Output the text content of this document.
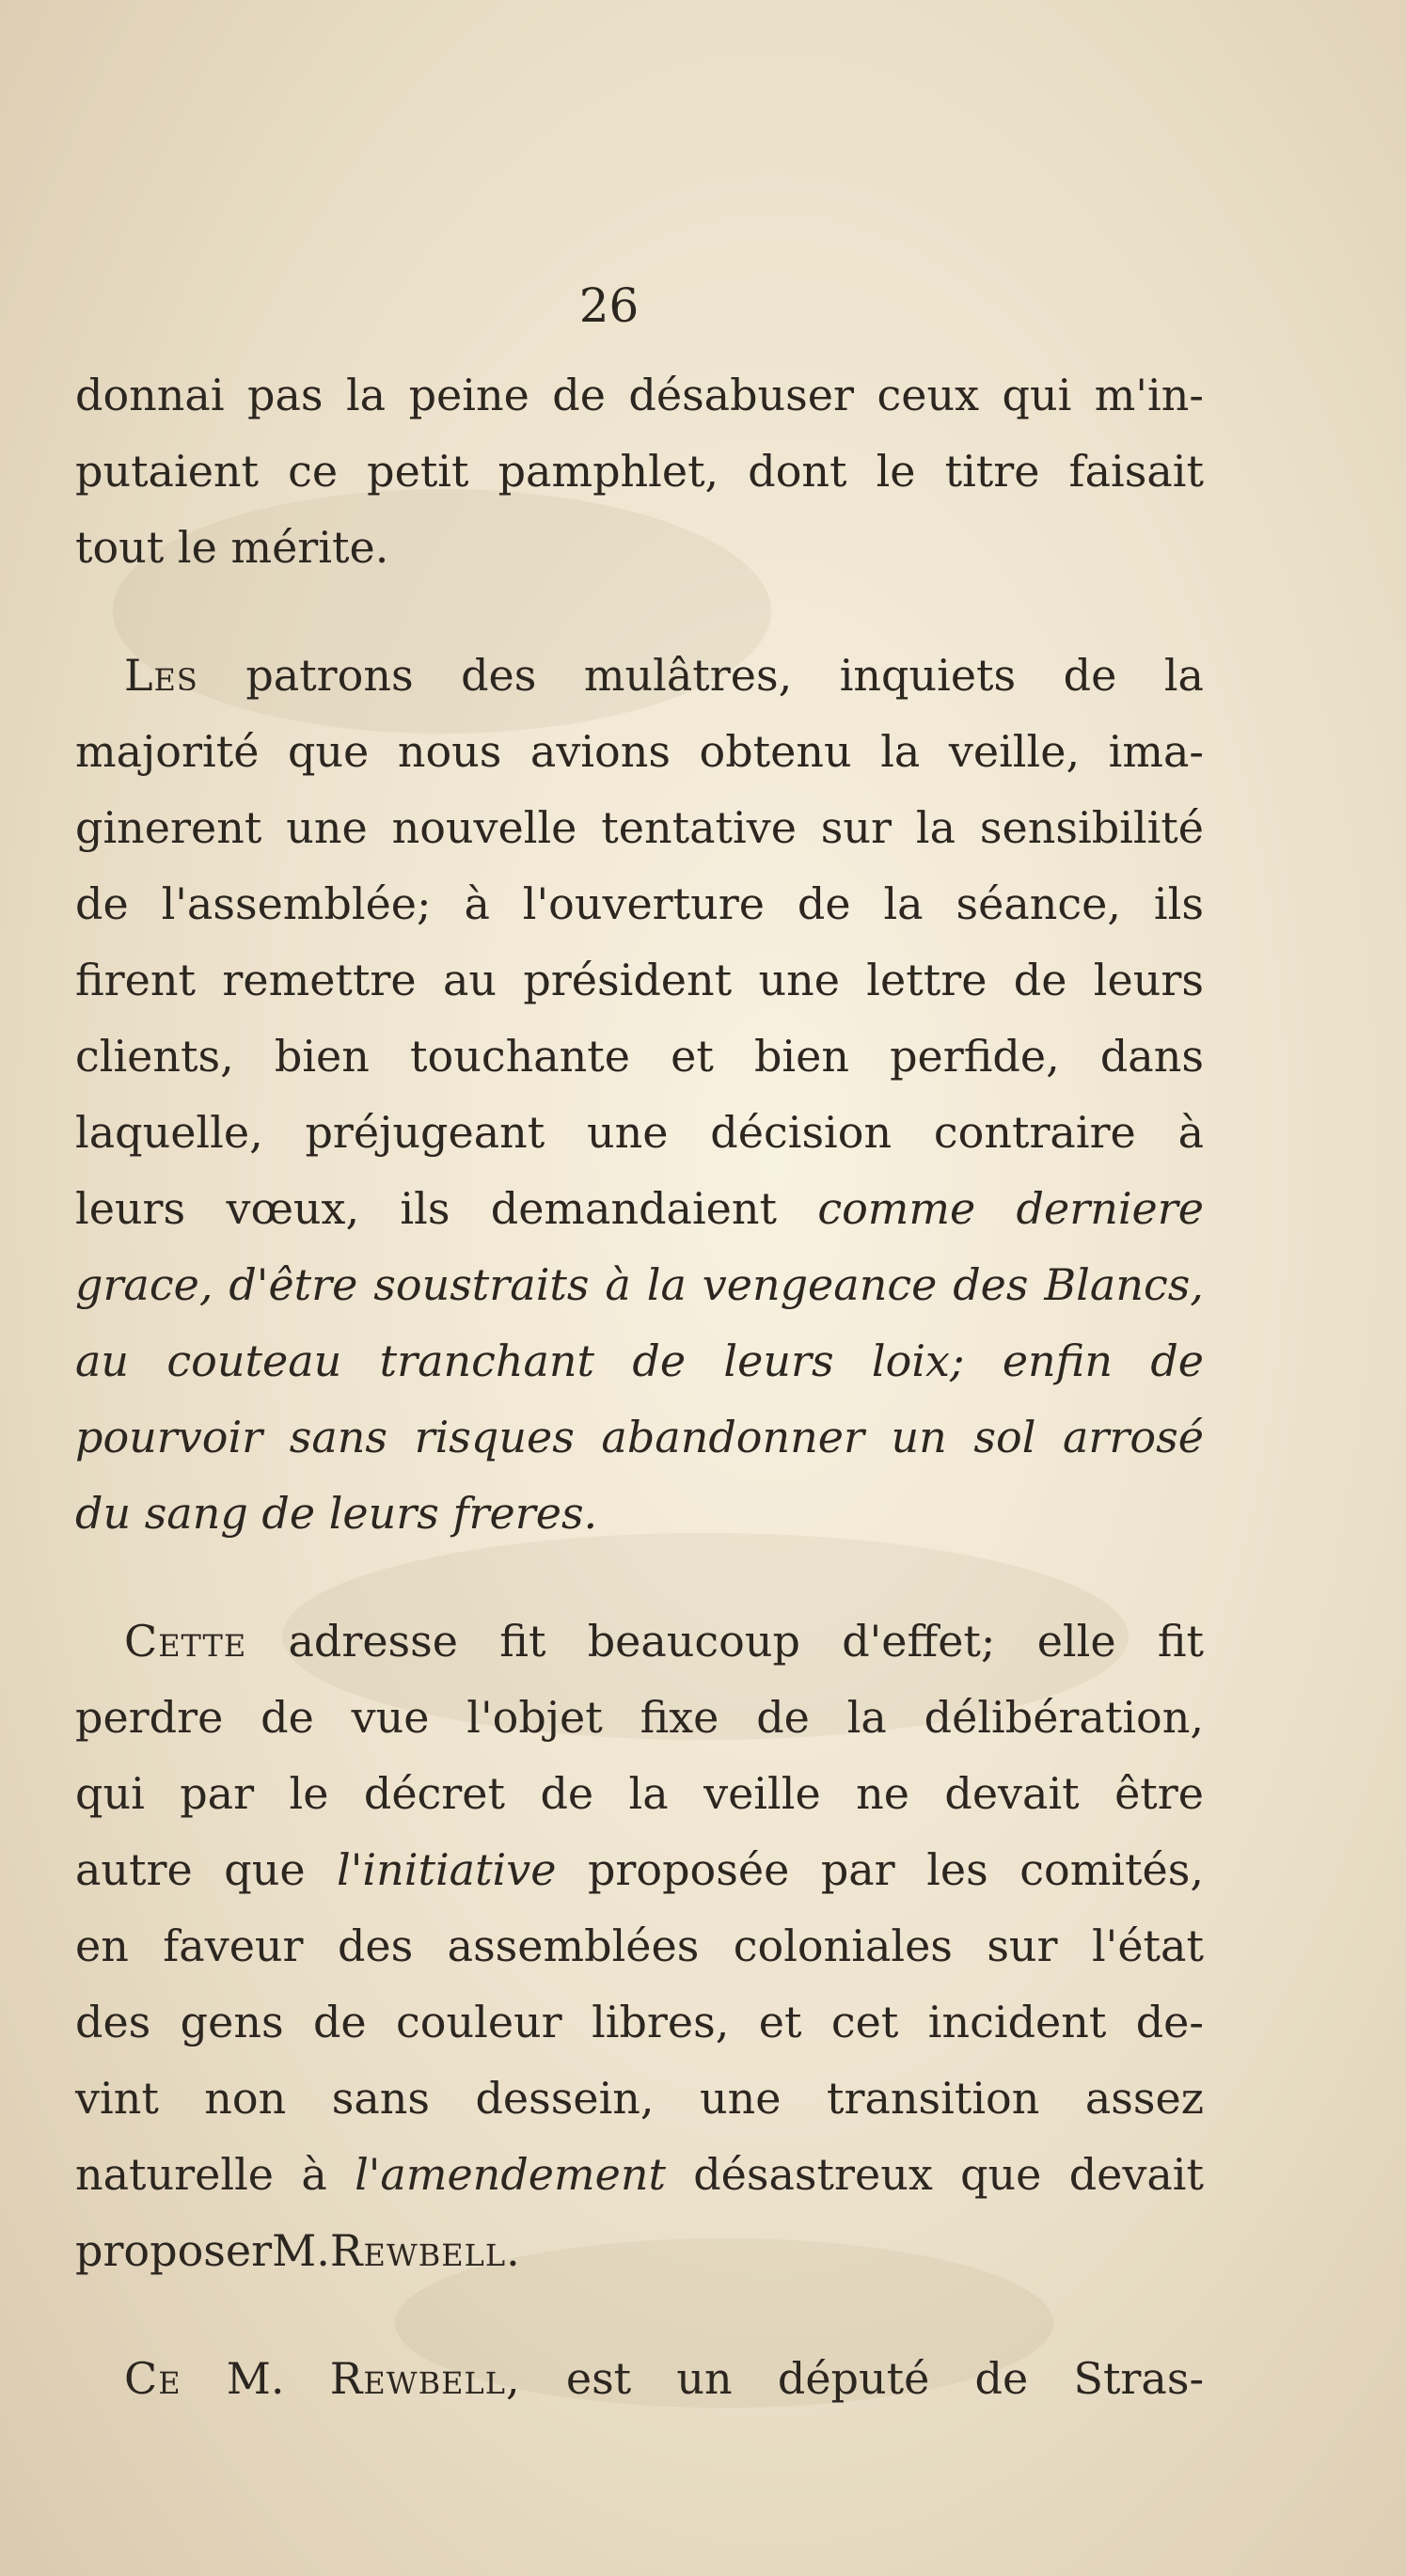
26
donnai pas la peine de désabuser ceux qui m'in-
putaient ce petit pamphlet, dont le titre faisait
tout le mérite.
Les patrons des mulâtres, inquiets de la
majorité que nous avions obtenu la veille, ima-
ginerent une nouvelle tentative sur la sensibilité
de l'assemblée; à l'ouverture de la séance, ils
firent remettre au président une lettre de leurs
clients, bien touchante et bien perfide, dans
laquelle, préjugeant une décision contraire à
leurs vœux, ils demandaient comme derniere
grace, d'être soustraits à la vengeance des Blancs,
au couteau tranchant de leurs loix; enfin de
pourvoir sans risques abandonner un sol arrosé
du sang de leurs freres.
Cette adresse fit beaucoup d'effet; elle fit
perdre de vue l'objet fixe de la délibération,
qui par le décret de la veille ne devait être
autre que l'initiative proposée par les comités,
en faveur des assemblées coloniales sur l'état
des gens de couleur libres, et cet incident de-
vint non sans dessein, une transition assez
naturelle à l'amendement désastreux que devait
proposer M. Rewbell.
Ce M. Rewbell, est un député de Stras-
